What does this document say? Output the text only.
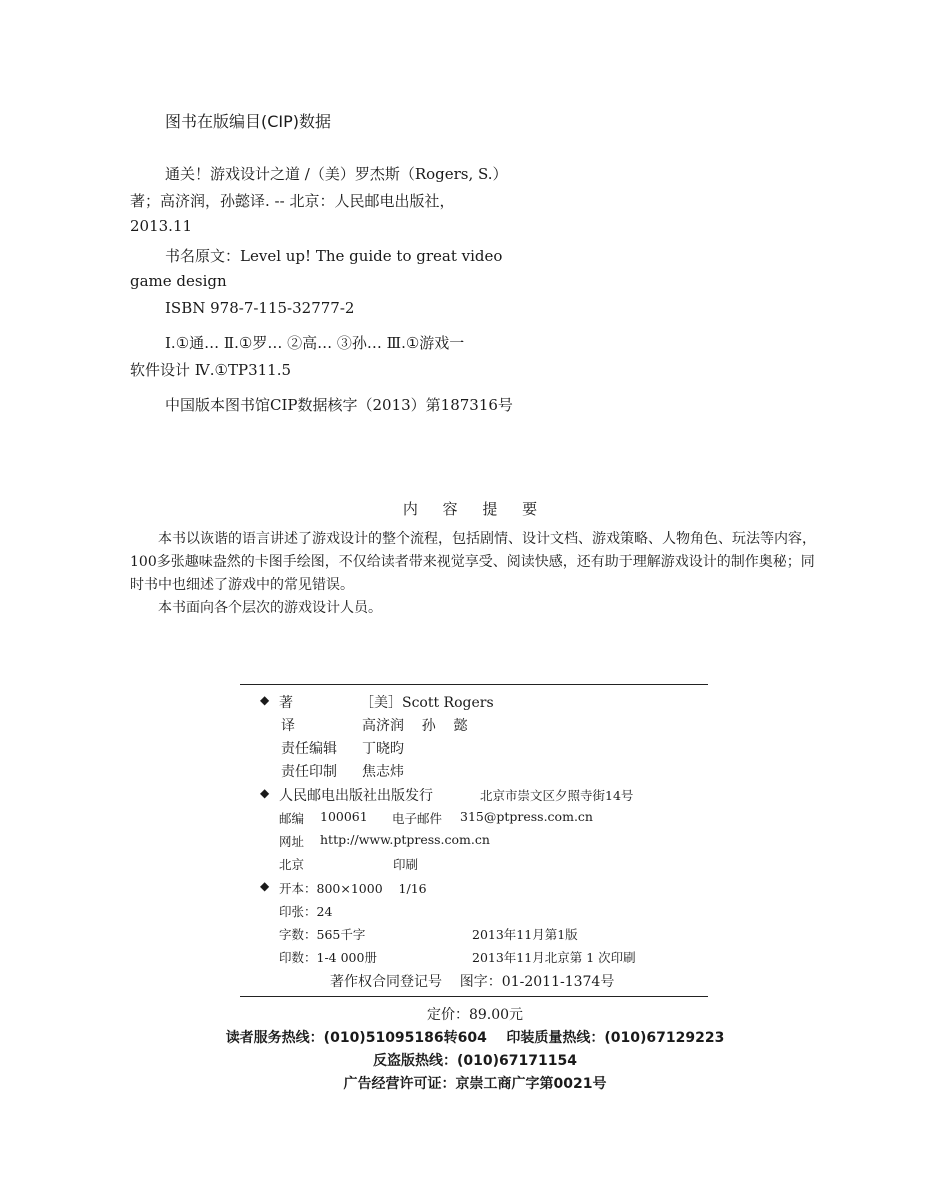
图书在版编目(CIP)数据
通关！游戏设计之道 /（美）罗杰斯（Rogers, S.）
著；高济润，孙懿译. -- 北京：人民邮电出版社，
2013.11
书名原文：Level up! The guide to great video
game design
ISBN 978-7-115-32777-2
Ⅰ.①通… Ⅱ.①罗… ②高… ③孙… Ⅲ.①游戏一
软件设计 Ⅳ.①TP311.5
中国版本图书馆CIP数据核字（2013）第187316号
内 容 提 要

本书以诙谐的语言讲述了游戏设计的整个流程，包括剧情、设计文档、游戏策略、人物角色、玩法等内容，100多张趣味盎然的卡图手绘图，不仅给读者带来视觉享受、阅读快感，还有助于理解游戏设计的制作奥秘；同时书中也细述了游戏中的常见错误。

本书面向各个层次的游戏设计人员。

◆ 著	［美］Scott Rogers
译	高济润    孙    懿
责任编辑 丁晓昀
责任印制 焦志炜
◆ 人民邮电出版社出版发行	北京市崇文区夕照寺街14号
邮编 100061 电子邮件 315@ptpress.com.cn
网址 http://www.ptpress.com.cn
北京	印刷
◆ 开本：800×1000    1/16
印张：24
字数：565千字	2013年11月第1版
印数：1-4 000册	2013年11月北京第 1 次印刷
著作权合同登记号    图字：01-2011-1374号
定价：89.00元
读者服务热线：(010)51095186转604    印装质量热线：(010)67129223
反盗版热线：(010)67171154
广告经营许可证：京崇工商广字第0021号
